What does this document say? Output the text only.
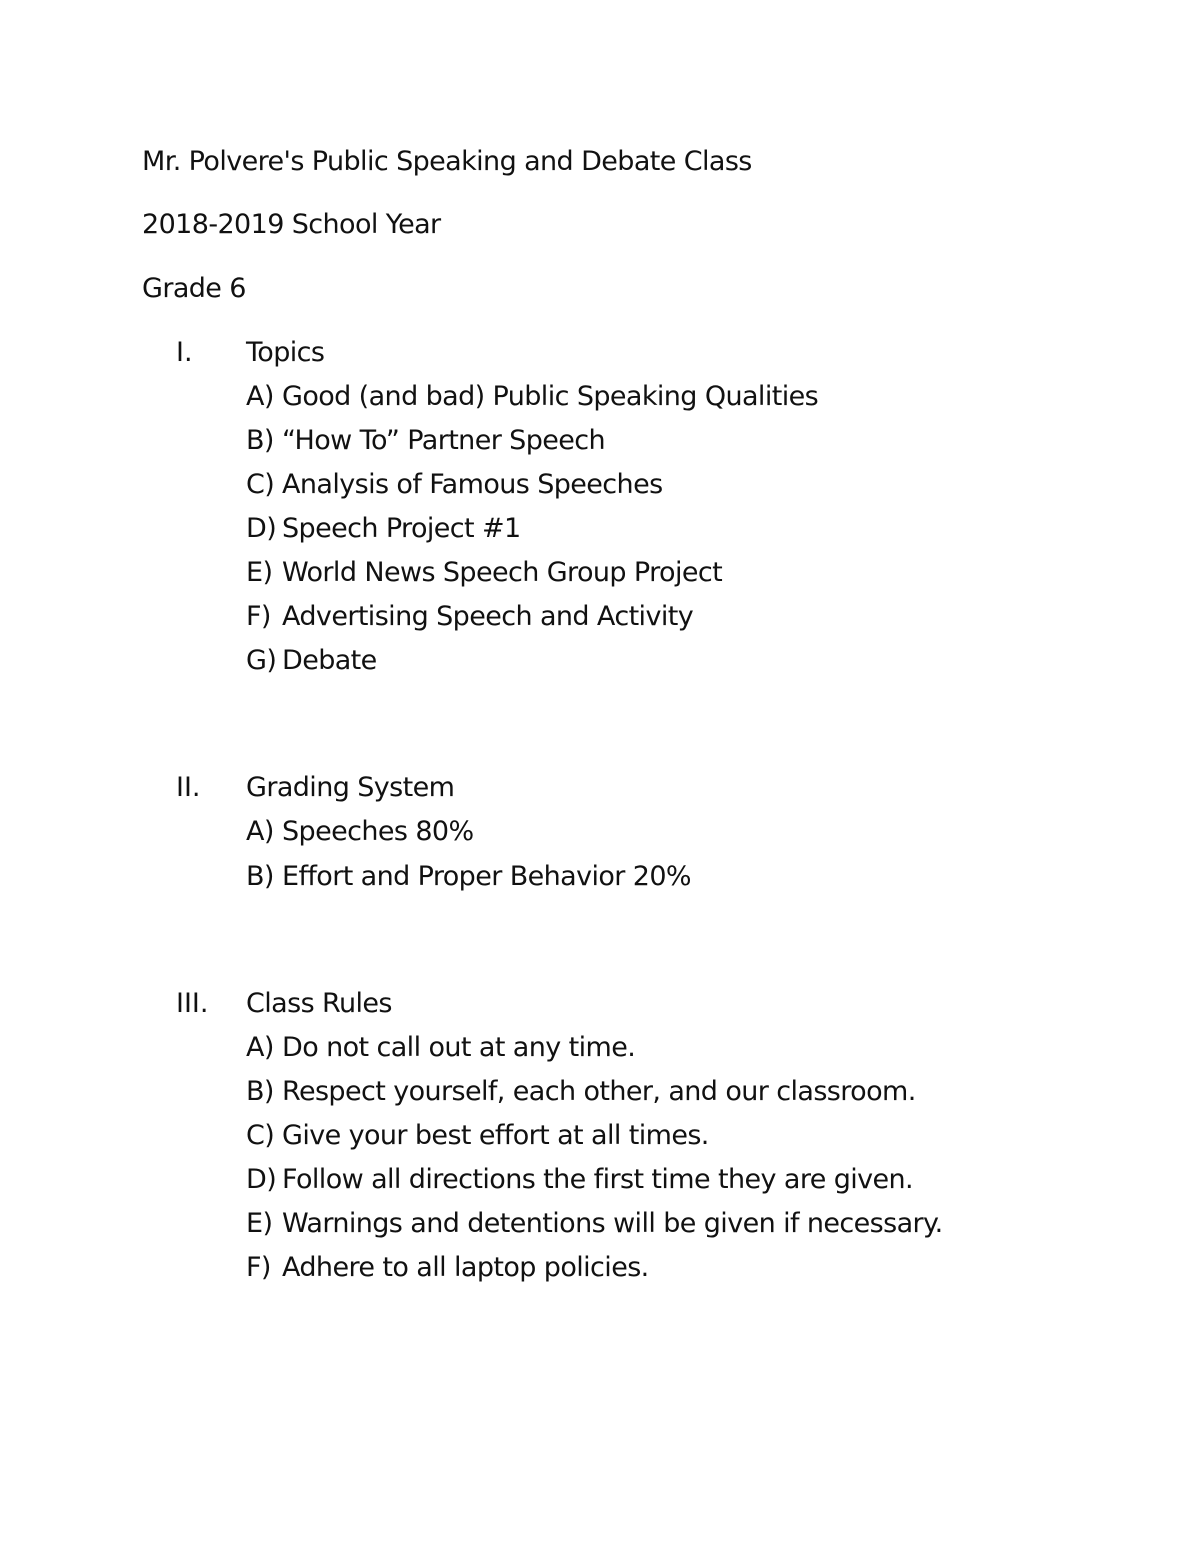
Mr. Polvere's Public Speaking and Debate Class
2018-2019 School Year
Grade 6
I. Topics
A) Good (and bad) Public Speaking Qualities
B) “How To” Partner Speech
C) Analysis of Famous Speeches
D) Speech Project #1
E) World News Speech Group Project
F) Advertising Speech and Activity
G) Debate
II. Grading System
A) Speeches 80%
B) Effort and Proper Behavior 20%
III. Class Rules
A) Do not call out at any time.
B) Respect yourself, each other, and our classroom.
C) Give your best effort at all times.
D) Follow all directions the first time they are given.
E) Warnings and detentions will be given if necessary.
F) Adhere to all laptop policies.
